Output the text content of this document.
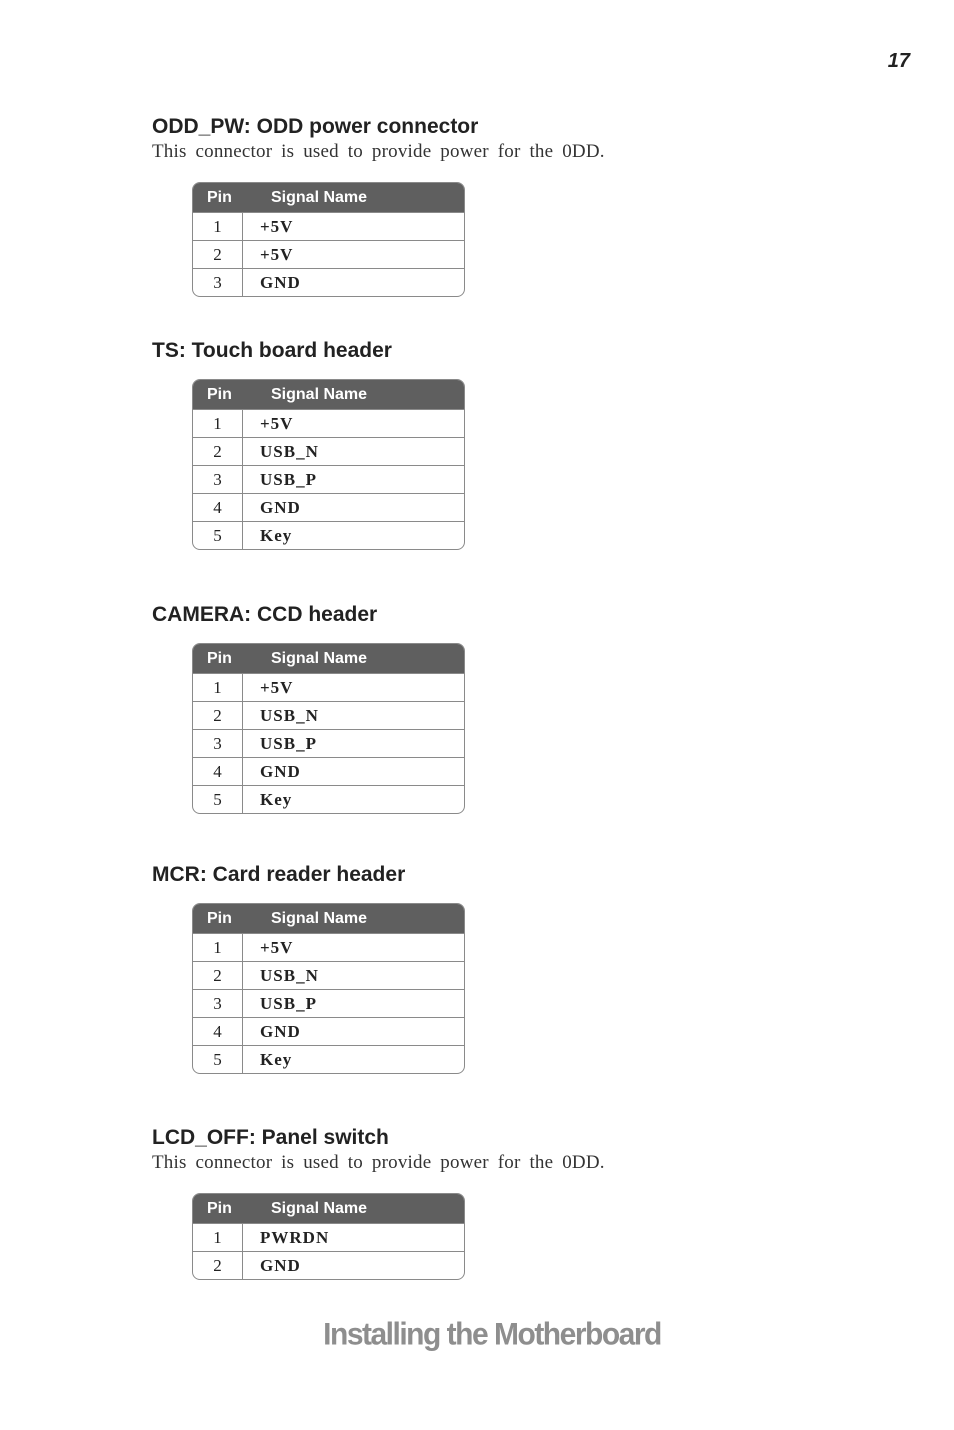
17
ODD_PW: ODD power connector

This connector is used to provide power for the 0DD.

Pin	Signal Name
1	+5V
2	+5V
3	GND
TS: Touch board header
Pin	Signal Name
1	+5V
2	USB_N
3	USB_P
4	GND
5	Key
CAMERA: CCD header
Pin	Signal Name
1	+5V
2	USB_N
3	USB_P
4	GND
5	Key
MCR: Card reader header
Pin	Signal Name
1	+5V
2	USB_N
3	USB_P
4	GND
5	Key
LCD_OFF: Panel switch

This connector is used to provide power for the 0DD.

Pin	Signal Name
1	PWRDN
2	GND
Installing the Motherboard
